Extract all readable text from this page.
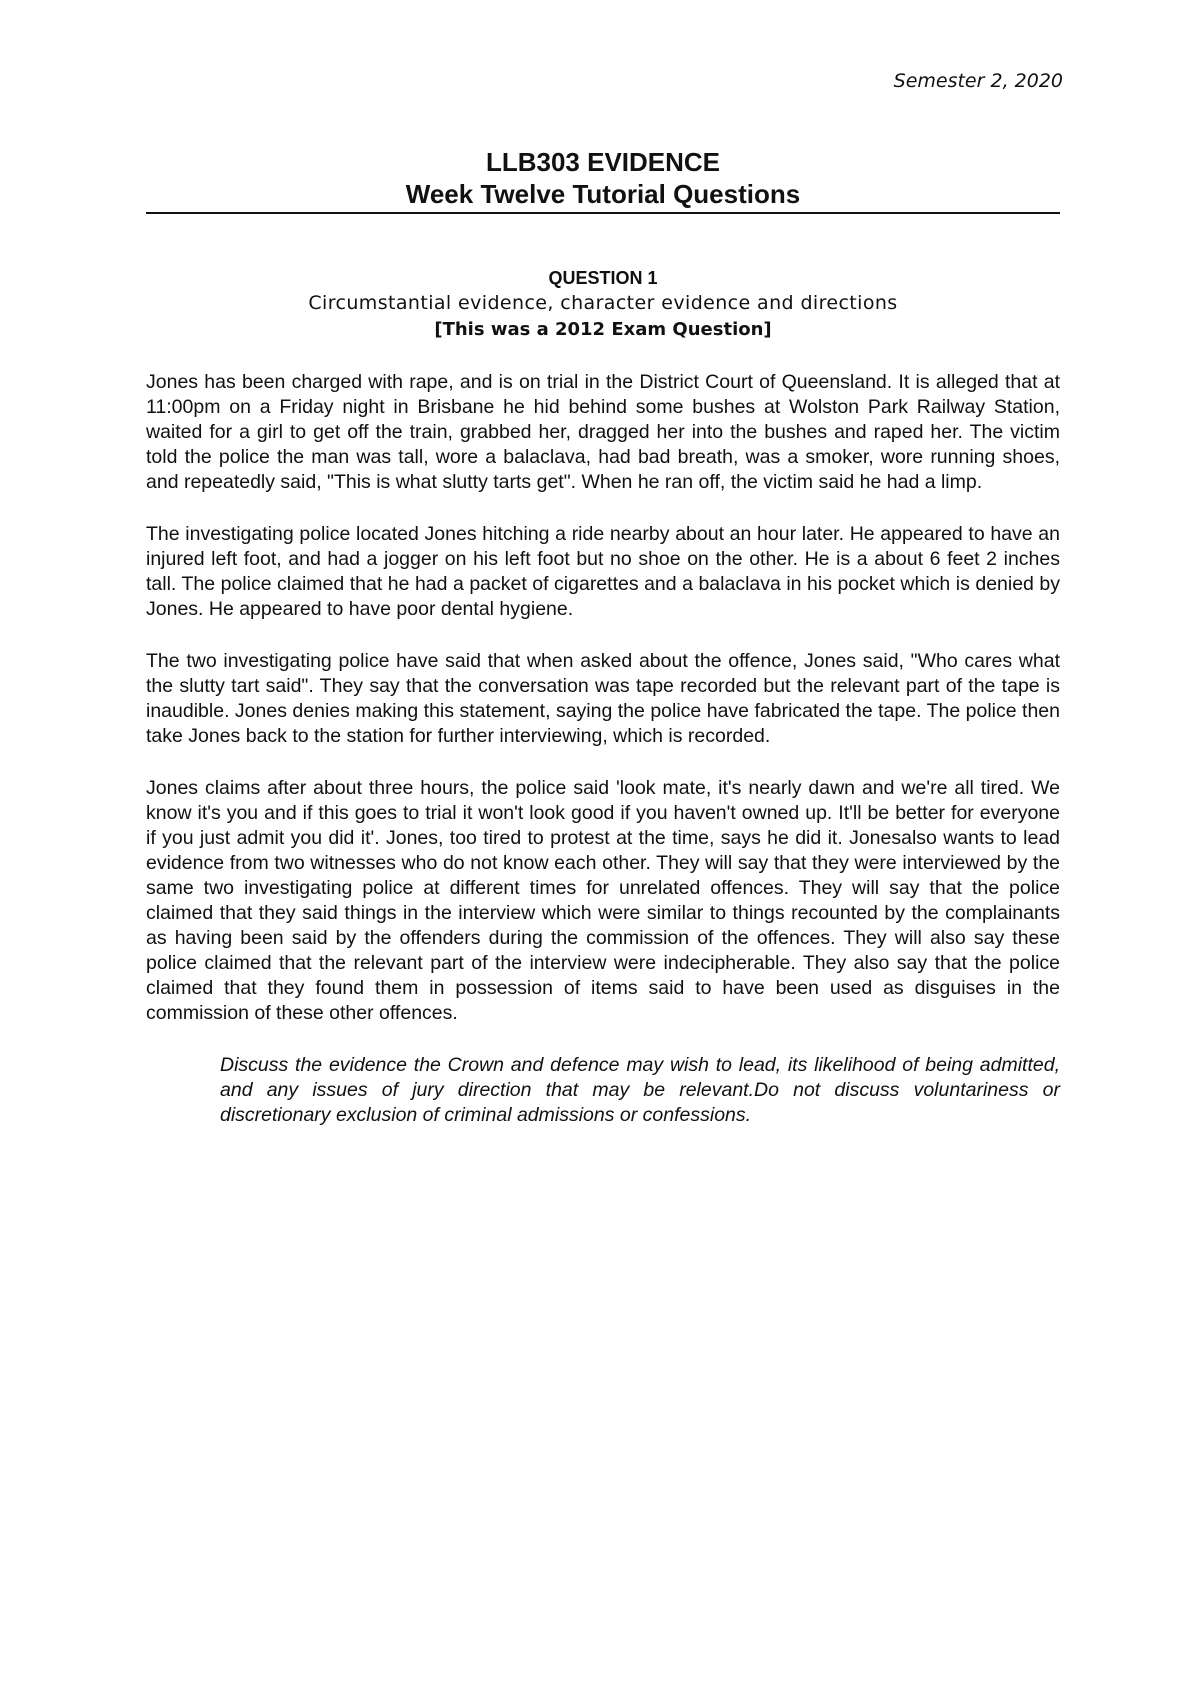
Semester 2, 2020

LLB303 EVIDENCE

Week Twelve Tutorial Questions

QUESTION 1

Circumstantial evidence, character evidence and directions

[This was a 2012 Exam Question]

Jones has been charged with rape, and is on trial in the District Court of Queensland. It is alleged that at 11:00pm on a Friday night in Brisbane he hid behind some bushes at Wolston Park Railway Station, waited for a girl to get off the train, grabbed her, dragged her into the bushes and raped her. The victim told the police the man was tall, wore a balaclava, had bad breath, was a smoker, wore running shoes, and repeatedly said, "This is what slutty tarts get". When he ran off, the victim said he had a limp.

The investigating police located Jones hitching a ride nearby about an hour later. He appeared to have an injured left foot, and had a jogger on his left foot but no shoe on the other. He is a about 6 feet 2 inches tall. The police claimed that he had a packet of cigarettes and a balaclava in his pocket which is denied by Jones. He appeared to have poor dental hygiene.

The two investigating police have said that when asked about the offence, Jones said, "Who cares what the slutty tart said". They say that the conversation was tape recorded but the relevant part of the tape is inaudible. Jones denies making this statement, saying the police have fabricated the tape. The police then take Jones back to the station for further interviewing, which is recorded.

Jones claims after about three hours, the police said 'look mate, it's nearly dawn and we're all tired. We know it's you and if this goes to trial it won't look good if you haven't owned up. It'll be better for everyone if you just admit you did it'. Jones, too tired to protest at the time, says he did it. Jonesalso wants to lead evidence from two witnesses who do not know each other. They will say that they were interviewed by the same two investigating police at different times for unrelated offences. They will say that the police claimed that they said things in the interview which were similar to things recounted by the complainants as having been said by the offenders during the commission of the offences. They will also say these police claimed that the relevant part of the interview were indecipherable. They also say that the police claimed that they found them in possession of items said to have been used as disguises in the commission of these other offences.

Discuss the evidence the Crown and defence may wish to lead, its likelihood of being admitted, and any issues of jury direction that may be relevant.Do not discuss voluntariness or discretionary exclusion of criminal admissions or confessions.
